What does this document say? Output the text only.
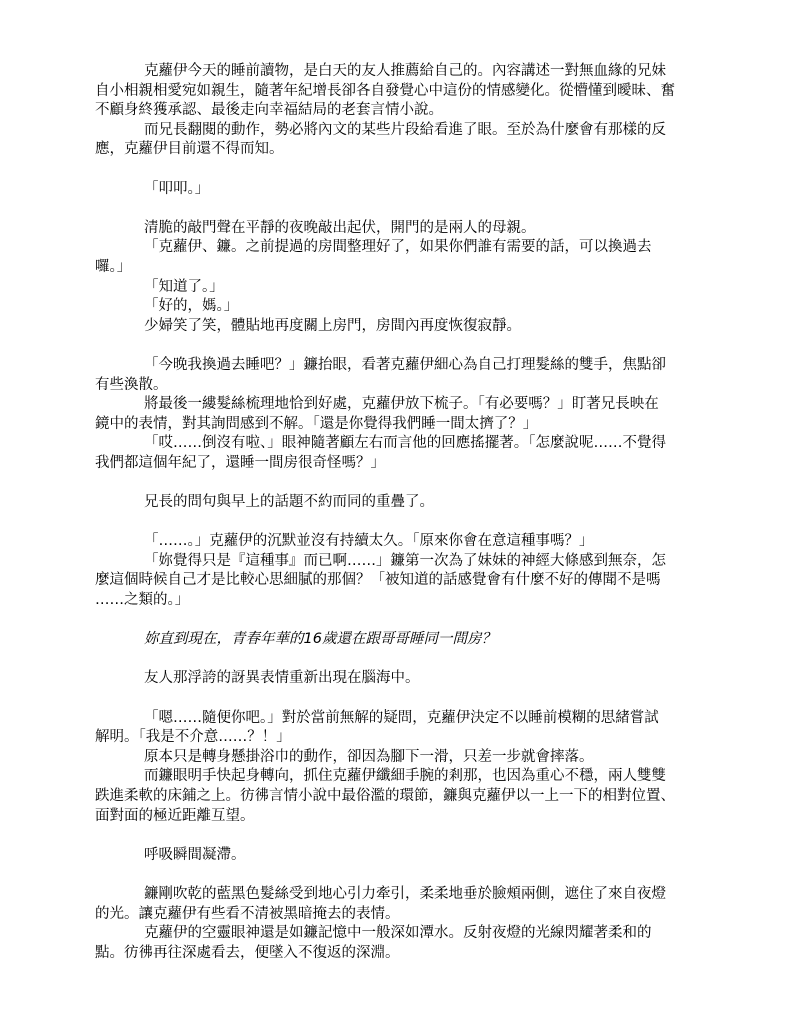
克蘿伊今天的睡前讀物，是白天的友人推薦給自己的。內容講述一對無血緣的兄妹
自小相親相愛宛如親生，隨著年紀增長卻各自發覺心中這份的情感變化。從懵懂到曖昧、奮
不顧身終獲承認、最後走向幸福結局的老套言情小說。
而兄長翻閱的動作，勢必將內文的某些片段給看進了眼。至於為什麼會有那樣的反
應，克蘿伊目前還不得而知。
「叩叩。」
清脆的敲門聲在平靜的夜晚敲出起伏，開門的是兩人的母親。
「克蘿伊、鐮。之前提過的房間整理好了，如果你們誰有需要的話，可以換過去
囉。」
「知道了。」
「好的，媽。」
少婦笑了笑，體貼地再度關上房門，房間內再度恢復寂靜。
「今晚我換過去睡吧？」鐮抬眼，看著克蘿伊細心為自己打理髮絲的雙手，焦點卻
有些渙散。
將最後一縷髮絲梳理地恰到好處，克蘿伊放下梳子。「有必要嗎？」盯著兄長映在
鏡中的表情，對其詢問感到不解。「還是你覺得我們睡一間太擠了？」
「哎……倒沒有啦、」眼神隨著顧左右而言他的回應搖擺著。「怎麼說呢……不覺得
我們都這個年紀了，還睡一間房很奇怪嗎？」
兄長的問句與早上的話題不約而同的重疊了。
「……。」克蘿伊的沉默並沒有持續太久。「原來你會在意這種事嗎？」
「妳覺得只是『這種事』而已啊……」鐮第一次為了妹妹的神經大條感到無奈，怎
麼這個時候自己才是比較心思細膩的那個？「被知道的話感覺會有什麼不好的傳聞不是嗎
……之類的。」
妳直到現在，青春年華的16歲還在跟哥哥睡同一間房？
友人那浮誇的訝異表情重新出現在腦海中。
「嗯……隨便你吧。」對於當前無解的疑問，克蘿伊決定不以睡前模糊的思緒嘗試
解明。「我是不介意……？！」
原本只是轉身懸掛浴巾的動作，卻因為腳下一滑，只差一步就會摔落。
而鐮眼明手快起身轉向，抓住克蘿伊纖細手腕的剎那，也因為重心不穩，兩人雙雙
跌進柔軟的床鋪之上。彷彿言情小說中最俗濫的環節，鐮與克蘿伊以一上一下的相對位置、
面對面的極近距離互望。
呼吸瞬間凝滯。
鐮剛吹乾的藍黑色髮絲受到地心引力牽引，柔柔地垂於臉頰兩側，遮住了來自夜燈
的光。讓克蘿伊有些看不清被黑暗掩去的表情。
克蘿伊的空靈眼神還是如鐮記憶中一般深如潭水。反射夜燈的光線閃耀著柔和的
點。彷彿再往深處看去，便墜入不復返的深淵。
